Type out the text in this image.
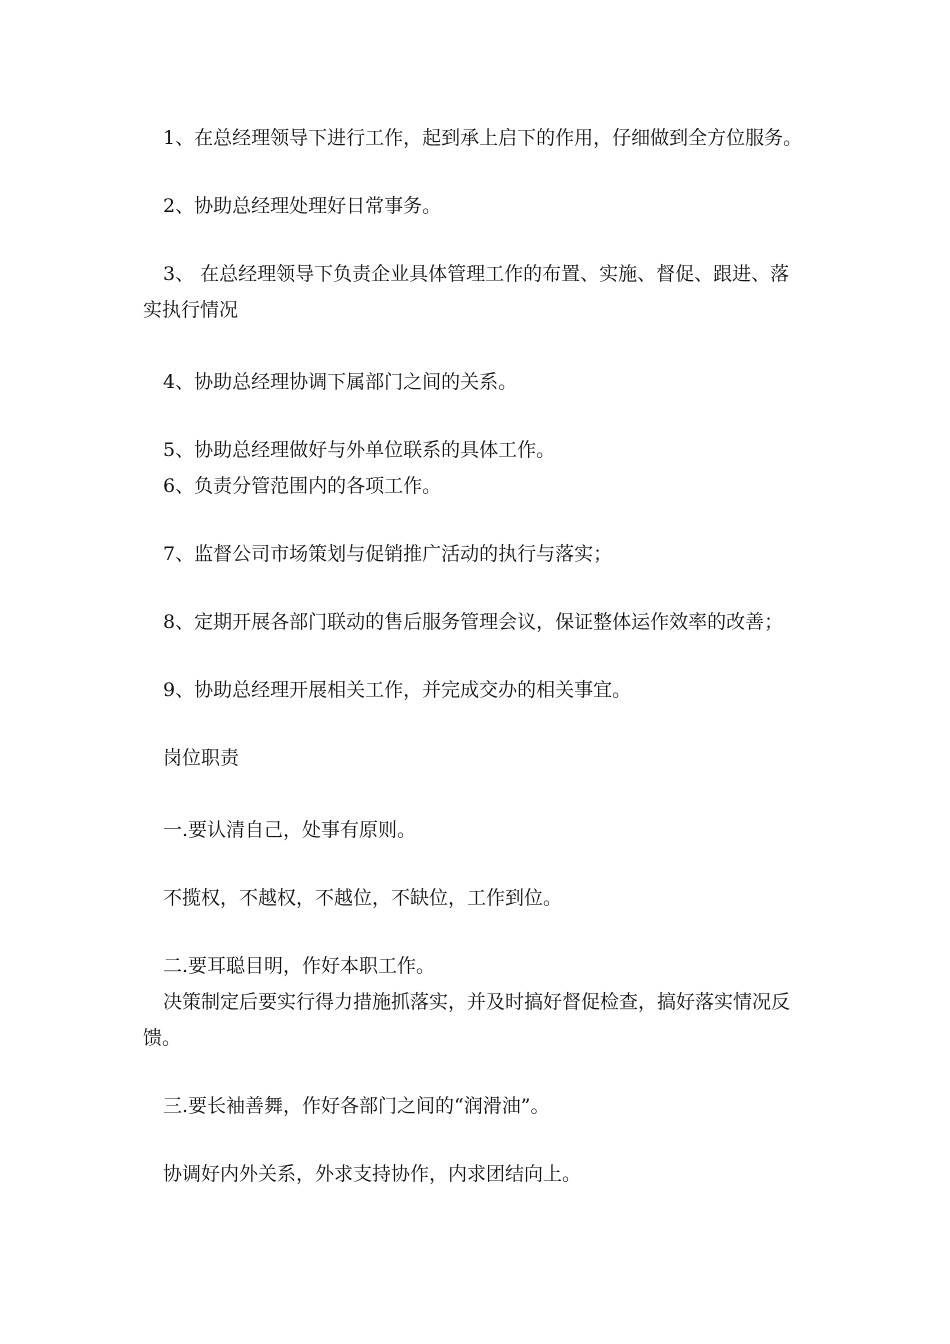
1、在总经理领导下进行工作，起到承上启下的作用，仔细做到全方位服务。
2、协助总经理处理好日常事务。
3、 在总经理领导下负责企业具体管理工作的布置、实施、督促、跟进、落
实执行情况
4、协助总经理协调下属部门之间的关系。
5、协助总经理做好与外单位联系的具体工作。
6、负责分管范围内的各项工作。
7、监督公司市场策划与促销推广活动的执行与落实；
8、定期开展各部门联动的售后服务管理会议，保证整体运作效率的改善；
9、协助总经理开展相关工作，并完成交办的相关事宜。
岗位职责
一.要认清自己，处事有原则。
不揽权，不越权，不越位，不缺位，工作到位。
二.要耳聪目明，作好本职工作。
决策制定后要实行得力措施抓落实，并及时搞好督促检查，搞好落实情况反
馈。
三.要长袖善舞，作好各部门之间的“润滑油”。
协调好内外关系，外求支持协作，内求团结向上。
